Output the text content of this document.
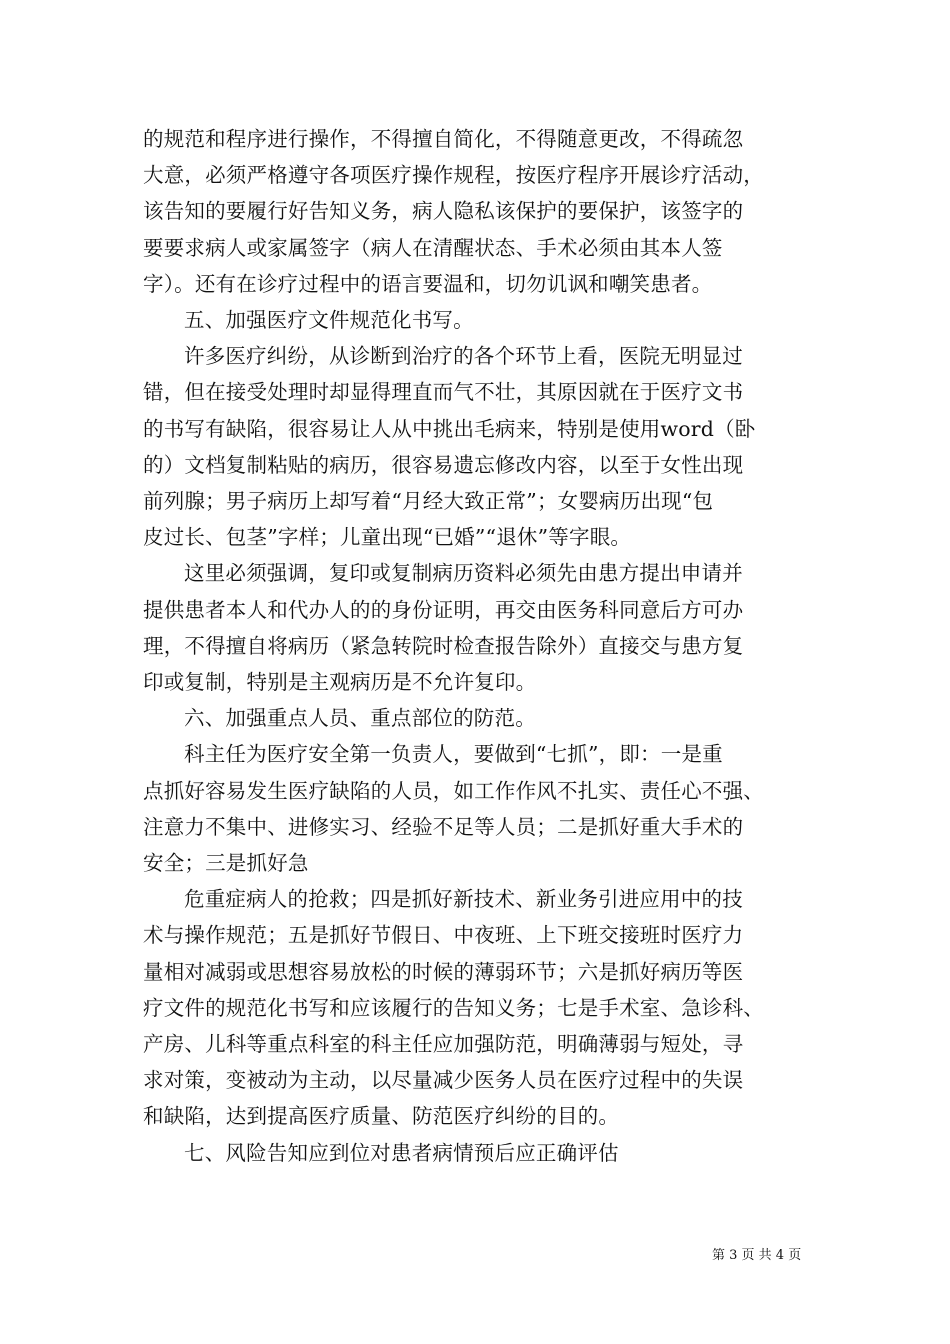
的规范和程序进行操作，不得擅自简化，不得随意更改，不得疏忽
大意，必须严格遵守各项医疗操作规程，按医疗程序开展诊疗活动，
该告知的要履行好告知义务，病人隐私该保护的要保护，该签字的
要要求病人或家属签字（病人在清醒状态、手术必须由其本人签
字）。还有在诊疗过程中的语言要温和，切勿讥讽和嘲笑患者。
五、加强医疗文件规范化书写。
许多医疗纠纷，从诊断到治疗的各个环节上看，医院无明显过
错，但在接受处理时却显得理直而气不壮，其原因就在于医疗文书
的书写有缺陷，很容易让人从中挑出毛病来，特别是使用word（卧
的）文档复制粘贴的病历，很容易遗忘修改内容，以至于女性出现
前列腺；男子病历上却写着“月经大致正常”；女婴病历出现“包
皮过长、包茎”字样；儿童出现“已婚”“退休”等字眼。
这里必须强调，复印或复制病历资料必须先由患方提出申请并
提供患者本人和代办人的的身份证明，再交由医务科同意后方可办
理，不得擅自将病历（紧急转院时检查报告除外）直接交与患方复
印或复制，特别是主观病历是不允许复印。
六、加强重点人员、重点部位的防范。
科主任为医疗安全第一负责人，要做到“七抓”，即：一是重
点抓好容易发生医疗缺陷的人员，如工作作风不扎实、责任心不强、
注意力不集中、进修实习、经验不足等人员；二是抓好重大手术的
安全；三是抓好急
危重症病人的抢救；四是抓好新技术、新业务引进应用中的技
术与操作规范；五是抓好节假日、中夜班、上下班交接班时医疗力
量相对减弱或思想容易放松的时候的薄弱环节；六是抓好病历等医
疗文件的规范化书写和应该履行的告知义务；七是手术室、急诊科、
产房、儿科等重点科室的科主任应加强防范，明确薄弱与短处，寻
求对策，变被动为主动，以尽量减少医务人员在医疗过程中的失误
和缺陷，达到提高医疗质量、防范医疗纠纷的目的。
七、风险告知应到位对患者病情预后应正确评估

第 3 页 共 4 页
